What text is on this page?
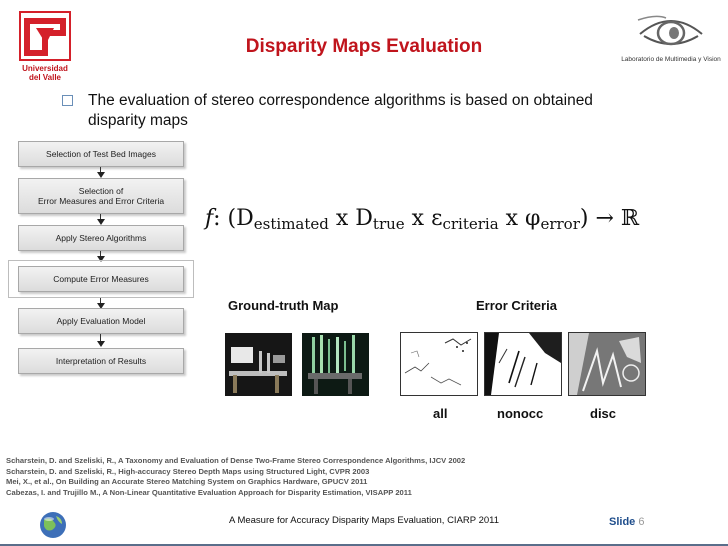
Universidad
del Valle
Laboratorio de Multimedia y Vision
Disparity Maps Evaluation
The evaluation of stereo correspondence algorithms is based on obtained
disparity maps
Selection of Test Bed Images
Selection of
Error Measures and Error Criteria
Apply Stereo Algorithms
Compute Error Measures
Apply Evaluation Model
Interpretation of Results
f: ($D_{estimated}$ x $D_{true}$ x $\varepsilon_{criteria}$ x $\varphi_{error}$) → ℝ
Ground-truth Map	Error Criteria
all	nonocc	disc
Scharstein, D. and Szeliski, R., A Taxonomy and Evaluation of Dense Two-Frame Stereo Correspondence Algorithms, IJCV 2002
Scharstein, D. and Szeliski, R., High-accuracy Stereo Depth Maps using Structured Light, CVPR 2003
Mei, X., et al., On Building an Accurate Stereo Matching System on Graphics Hardware, GPUCV 2011
Cabezas, I. and Trujillo M., A Non-Linear Quantitative Evaluation Approach for Disparity Estimation, VISAPP 2011
A Measure for Accuracy Disparity Maps Evaluation, CIARP 2011	Slide 6
